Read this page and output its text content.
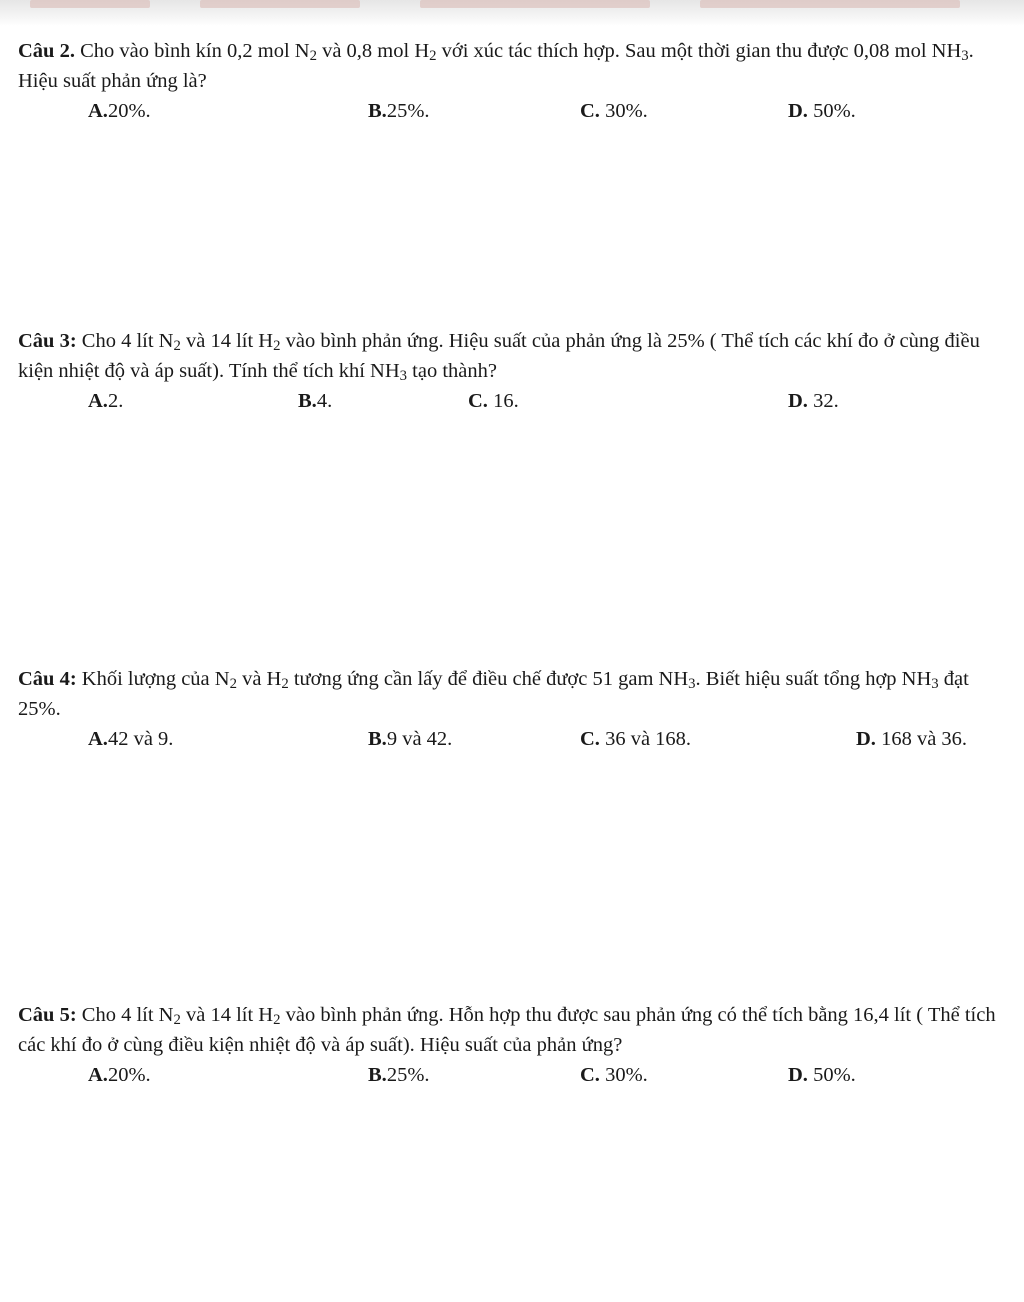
Câu 2. Cho vào bình kín 0,2 mol $N_2$ và 0,8 mol $H_2$ với xúc tác thích hợp. Sau một thời gian thu được 0,08 mol $NH_3$. Hiệu suất phản ứng là?

A.20%.	B.25%.	C. 30%.	D. 50%.

Câu 3: Cho 4 lít $N_2$ và 14 lít $H_2$ vào bình phản ứng. Hiệu suất của phản ứng là 25% ( Thể tích các khí đo ở cùng điều kiện nhiệt độ và áp suất). Tính thể tích khí $NH_3$ tạo thành?

A.2.	B.4.	C. 16.	D. 32.

Câu 4: Khối lượng của $N_2$ và $H_2$ tương ứng cần lấy để điều chế được 51 gam $NH_3$. Biết hiệu suất tổng hợp $NH_3$ đạt 25%.

A.42 và 9.	B.9 và 42.	C. 36 và 168.	D. 168 và 36.

Câu 5: Cho 4 lít $N_2$ và 14 lít $H_2$ vào bình phản ứng. Hỗn hợp thu được sau phản ứng có thể tích bằng 16,4 lít ( Thể tích các khí đo ở cùng điều kiện nhiệt độ và áp suất). Hiệu suất của phản ứng?

A.20%.	B.25%.	C. 30%.	D. 50%.
